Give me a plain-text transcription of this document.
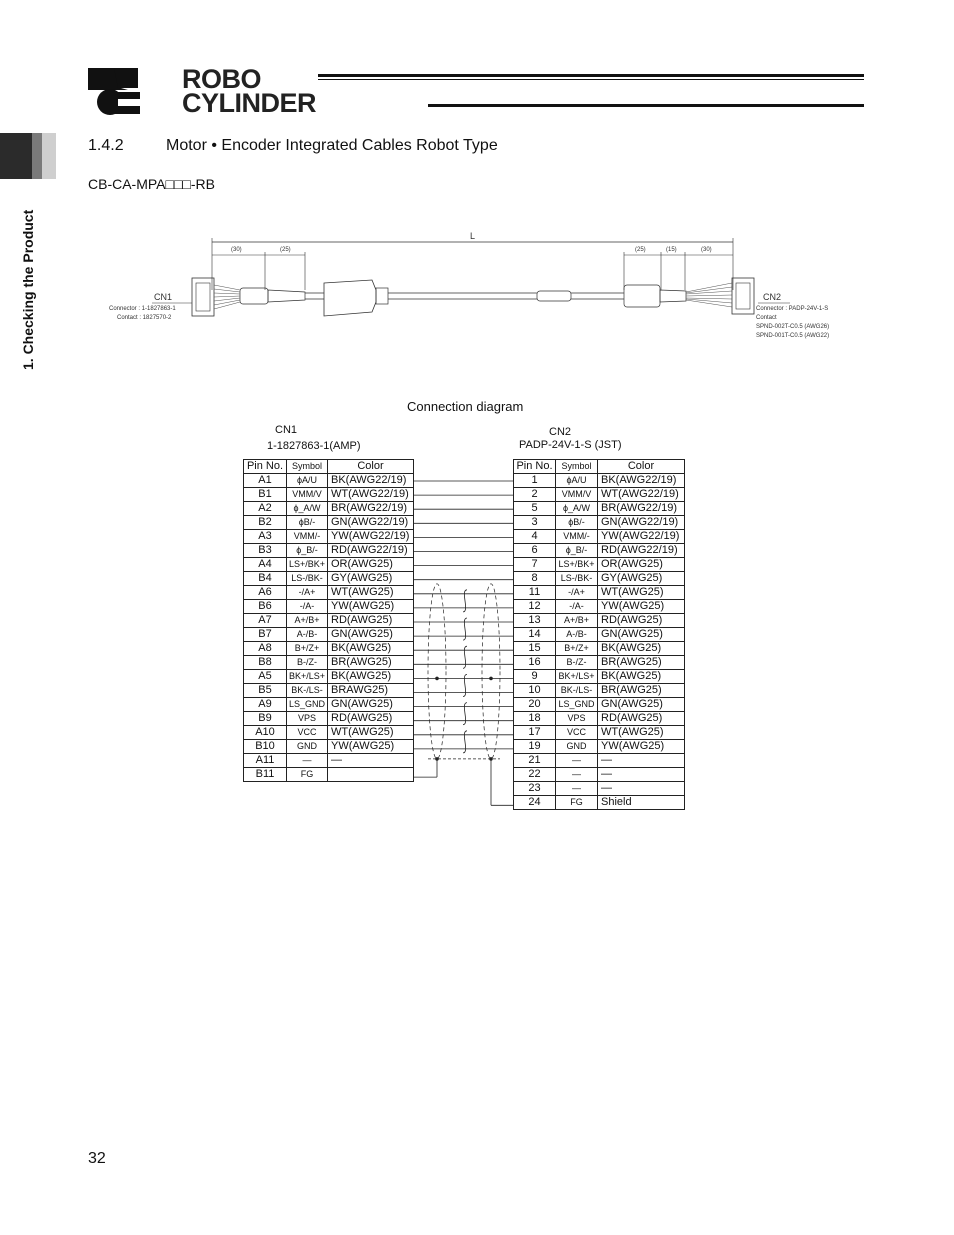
1. Checking the Product
ROBO
CYLINDER
1.4.2	Motor • Encoder Integrated Cables Robot Type
CB-CA-MPA□□□-RB
L
(30)	(25)	(25)	(15)	(30)
CN1
Connector : 1-1827863-1
Contact : 1827570-2
CN2
Connector : PADP-24V-1-S
Contact
SPND-002T-C0.5 (AWG26)
SPND-001T-C0.5 (AWG22)
Connection diagram
CN1
1-1827863-1(AMP)
CN2
PADP-24V-1-S (JST)
Pin No.	Symbol	Color
A1	ϕA/U	BK(AWG22/19)
B1	VMM/V	WT(AWG22/19)
A2	ϕ_A/W	BR(AWG22/19)
B2	ϕB/-	GN(AWG22/19)
A3	VMM/-	YW(AWG22/19)
B3	ϕ_B/-	RD(AWG22/19)
A4	LS+/BK+	OR(AWG25)
B4	LS-/BK-	GY(AWG25)
A6	-/A+	WT(AWG25)
B6	-/A-	YW(AWG25)
A7	A+/B+	RD(AWG25)
B7	A-/B-	GN(AWG25)
A8	B+/Z+	BK(AWG25)
B8	B-/Z-	BR(AWG25)
A5	BK+/LS+	BK(AWG25)
B5	BK-/LS-	BRAWG25)
A9	LS_GND	GN(AWG25)
B9	VPS	RD(AWG25)
A10	VCC	WT(AWG25)
B10	GND	YW(AWG25)
A11	—	—
B11	FG	
Pin No.	Symbol	Color
1	ϕA/U	BK(AWG22/19)
2	VMM/V	WT(AWG22/19)
5	ϕ_A/W	BR(AWG22/19)
3	ϕB/-	GN(AWG22/19)
4	VMM/-	YW(AWG22/19)
6	ϕ_B/-	RD(AWG22/19)
7	LS+/BK+	OR(AWG25)
8	LS-/BK-	GY(AWG25)
11	-/A+	WT(AWG25)
12	-/A-	YW(AWG25)
13	A+/B+	RD(AWG25)
14	A-/B-	GN(AWG25)
15	B+/Z+	BK(AWG25)
16	B-/Z-	BR(AWG25)
9	BK+/LS+	BK(AWG25)
10	BK-/LS-	BR(AWG25)
20	LS_GND	GN(AWG25)
18	VPS	RD(AWG25)
17	VCC	WT(AWG25)
19	GND	YW(AWG25)
21	—	—
22	—	—
23	—	—
24	FG	Shield
32
